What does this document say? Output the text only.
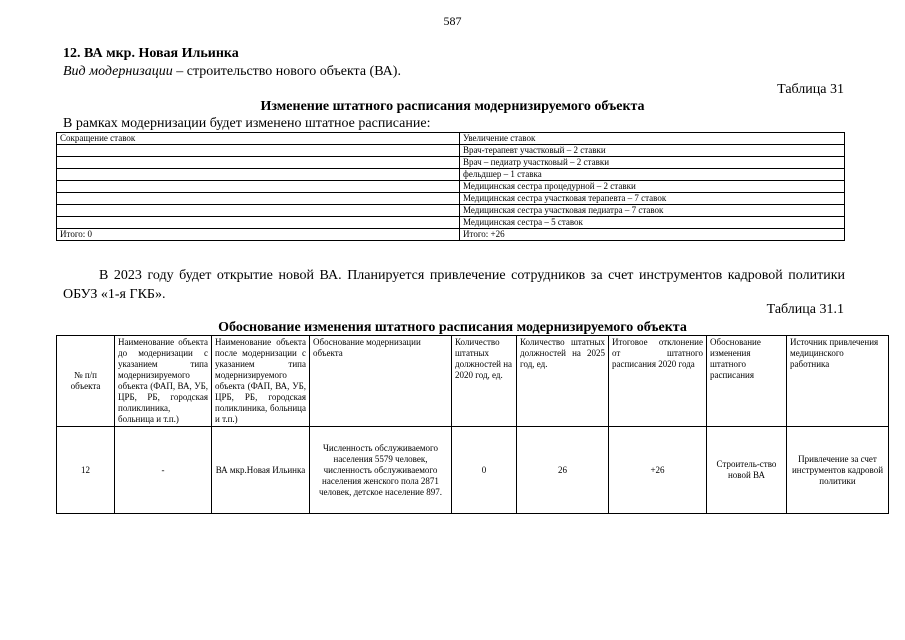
587
12. ВА мкр. Новая Ильинка
Вид модернизации – строительство нового объекта (ВА).
Таблица 31
Изменение штатного расписания модернизируемого объекта
В рамках модернизации будет изменено штатное расписание:
Сокращение ставок	Увеличение ставок
	Врач-терапевт участковый – 2 ставки
	Врач – педиатр участковый – 2 ставки
	фельдшер – 1 ставка
	Медицинская сестра процедурной – 2 ставки
	Медицинская сестра участковая терапевта – 7 ставок
	Медицинская сестра участковая педиатра – 7 ставок
	Медицинская сестра – 5 ставок
Итого: 0	Итого: +26
В 2023 году будет открытие новой ВА. Планируется привлечение сотрудников за счет инструментов кадровой политики ОБУЗ «1-я ГКБ».
Таблица 31.1
Обоснование изменения штатного расписания модернизируемого объекта
№ п/п объекта	Наименование объекта до модернизации с указанием типа модернизируемого объекта (ФАП, ВА, УБ, ЦРБ, РБ, городская поликлиника, больница и т.п.)	Наименование объекта после модернизации с указанием типа модернизируемого объекта (ФАП, ВА, УБ, ЦРБ, РБ, городская поликлиника, больница и т.п.)	Обоснование модернизации объекта	Количество штатных должностей на 2020 год, ед.	Количество штатных должностей на 2025 год, ед.	Итоговое отклонение от штатного расписания 2020 года	Обоснование изменения штатного расписания	Источник привлечения медицинского работника
12	-	ВА мкр.Новая Ильинка	Численность обслуживаемого населения 5579 человек, численность обслуживаемого населения женского пола 2871 человек, детское население 897.	0	26	+26	Строитель-ство новой ВА	Привлечение за счет инструментов кадровой политики
